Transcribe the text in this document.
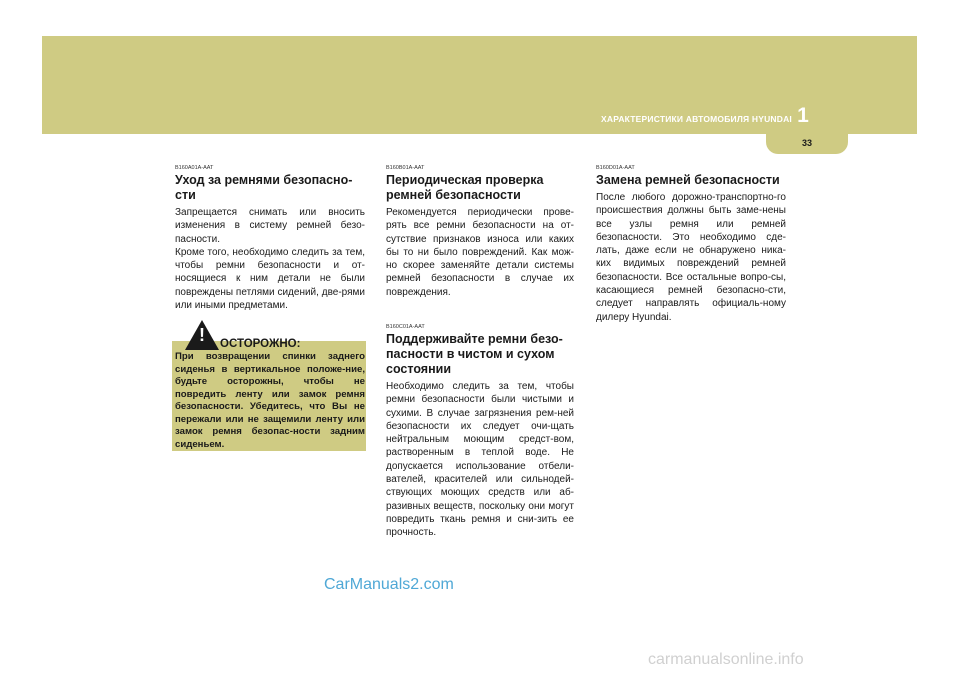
ХАРАКТЕРИСТИКИ АВТОМОБИЛЯ HYUNDAI 1
33
B160A01A-AAT
Уход за ремнями безопасно-сти

Запрещается снимать или вносить изменения в систему ремней безо-пасности.
Кроме того, необходимо следить за тем, чтобы ремни безопасности и от-носящиеся к ним детали не были повреждены петлями сидений, две-рями или иными предметами.

!	ОСТОРОЖНО:
При возвращении спинки заднего сиденья в вертикальное положе-ние, будьте осторожны, чтобы не повредить ленту или замок ремня безопасности. Убедитесь, что Вы не пережали или не защемили ленту или замок ремня безопас-ности задним сиденьем.
B160B01A-AAT
Периодическая проверка ремней безопасности

Рекомендуется периодически прове-рять все ремни безопасности на от-сутствие признаков износа или каких бы то ни было повреждений. Как мож-но скорее заменяйте детали системы ремней безопасности в случае их повреждения.

B160C01A-AAT
Поддерживайте ремни безо-пасности в чистом и сухом состоянии

Необходимо следить за тем, чтобы ремни безопасности были чистыми и сухими. В случае загрязнения рем-ней безопасности их следует очи-щать нейтральным моющим средст-вом, растворенным в теплой воде. Не допускается использование отбели-вателей, красителей или сильнодей-ствующих моющих средств или аб-разивных веществ, поскольку они могут повредить ткань ремня и сни-зить ее прочность.

B160D01A-AAT
Замена ремней безопасности

После любого дорожно-транспортно-го происшествия должны быть заме-нены все узлы ремня или ремней безопасности. Это необходимо сде-лать, даже если не обнаружено ника-ких видимых повреждений ремней безопасности. Все остальные вопро-сы, касающиеся ремней безопасно-сти, следует направлять официаль-ному дилеру Hyundai.

CarManuals2.com
carmanualsonline.info
